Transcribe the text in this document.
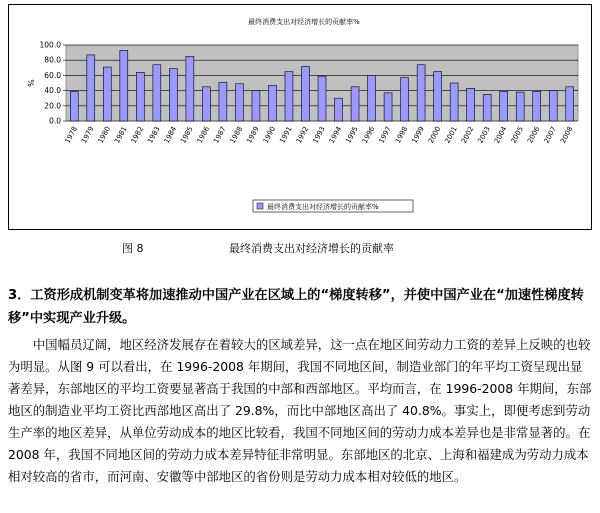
最终消费支出对经济增长的贡献率%
0.0
20.0
40.0
60.0
80.0
100.0
%
1978 1979 1980 1981 1982 1983 1984 1985 1986 1987 1988 1989 1990 1991 1992 1993 1994 1995 1996 1997 1998 1999 2000 2001 2002 2003 2004 2005 2006 2007 2008
最终消费支出对经济增长的贡献率%
图 8	最终消费支出对经济增长的贡献率
3．工资形成机制变革将加速推动中国产业在区域上的“梯度转移”，并使中国产业在“加速性梯度转移”中实现产业升级。

中国幅员辽阔，地区经济发展存在着较大的区域差异，这一点在地区间劳动力工资的差异上反映的也较为明显。从图 9 可以看出，在 1996-2008 年期间，我国不同地区间，制造业部门的年平均工资呈现出显著差异，东部地区的平均工资要显著高于我国的中部和西部地区。平均而言，在 1996-2008 年期间，东部地区的制造业平均工资比西部地区高出了 29.8%，而比中部地区高出了 40.8%。事实上，即便考虑到劳动生产率的地区差异，从单位劳动成本的地区比较看，我国不同地区间的劳动力成本差异也是非常显著的。在 2008 年，我国不同地区间的劳动力成本差异特征非常明显。东部地区的北京、上海和福建成为劳动力成本相对较高的省市，而河南、安徽等中部地区的省份则是劳动力成本相对较低的地区。
